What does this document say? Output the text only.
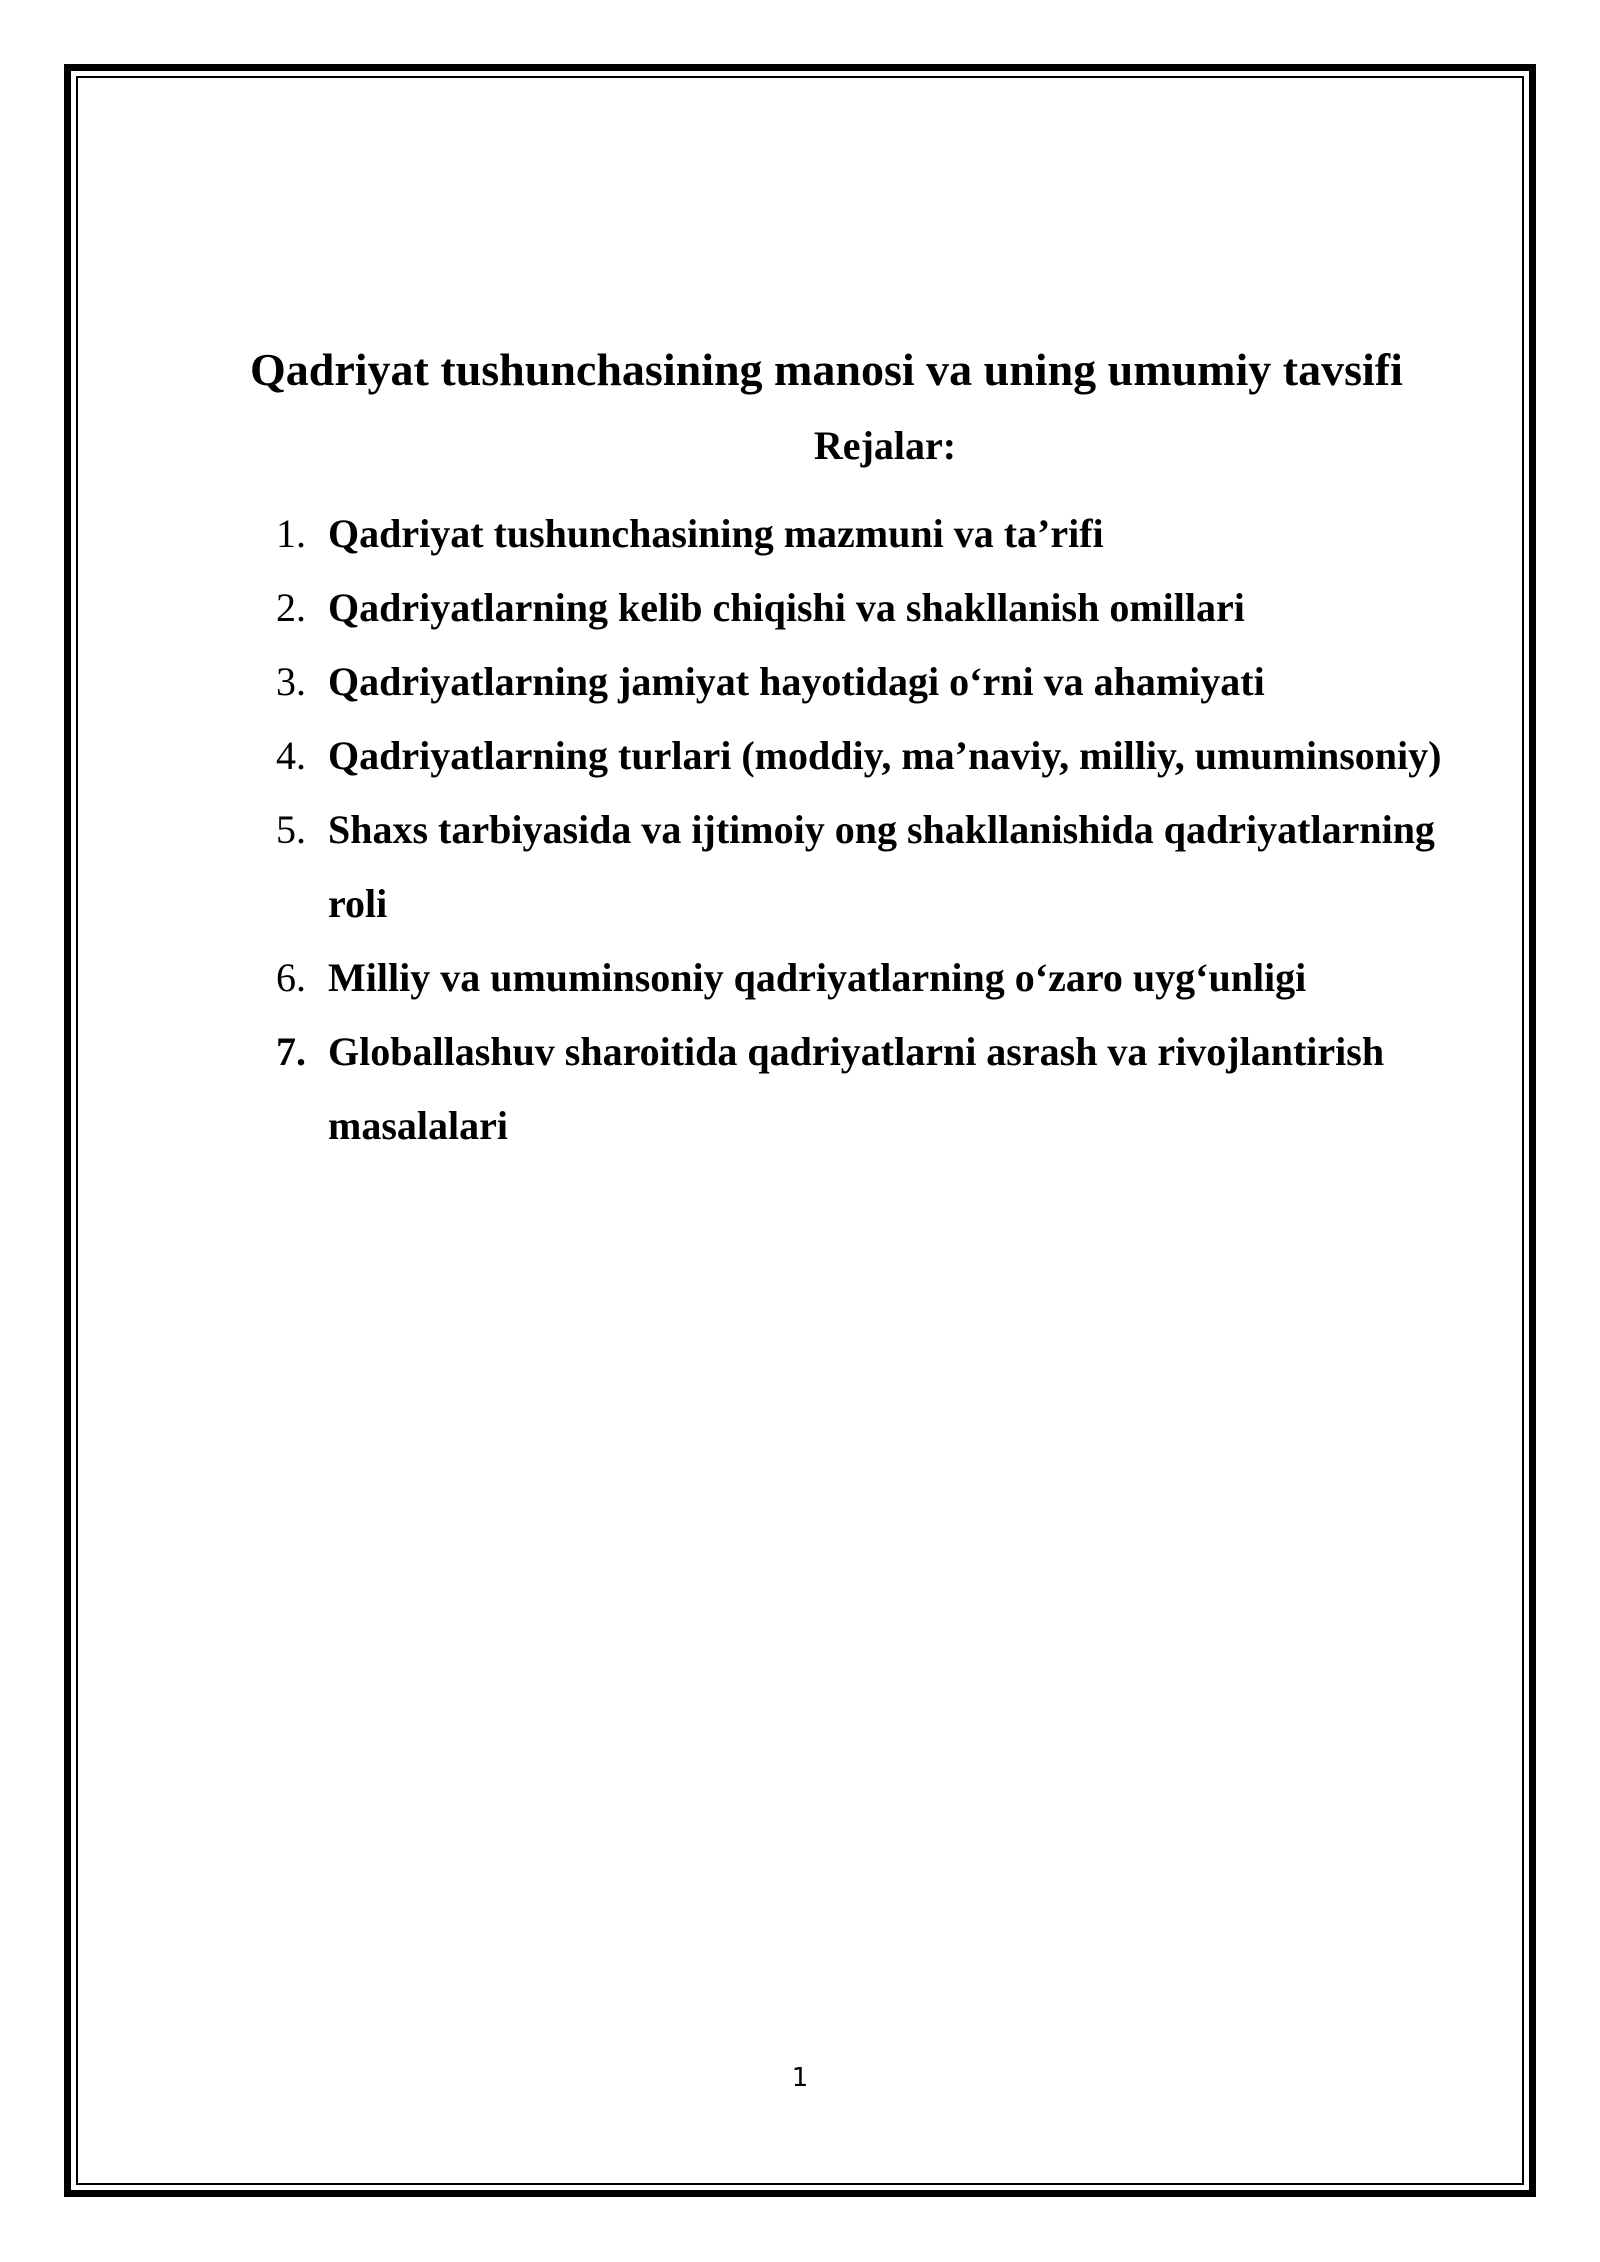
Qadriyat tushunchasining manosi va uning umumiy tavsifi
Rejalar:
1. Qadriyat tushunchasining mazmuni va ta’rifi
2. Qadriyatlarning kelib chiqishi va shakllanish omillari
3. Qadriyatlarning jamiyat hayotidagi o‘rni va ahamiyati
4. Qadriyatlarning turlari (moddiy, ma’naviy, milliy, umuminsoniy)
5. Shaxs tarbiyasida va ijtimoiy ong shakllanishida qadriyatlarning roli
6. Milliy va umuminsoniy qadriyatlarning o‘zaro uyg‘unligi
7. Globallashuv sharoitida qadriyatlarni asrash va rivojlantirish masalalari
1
